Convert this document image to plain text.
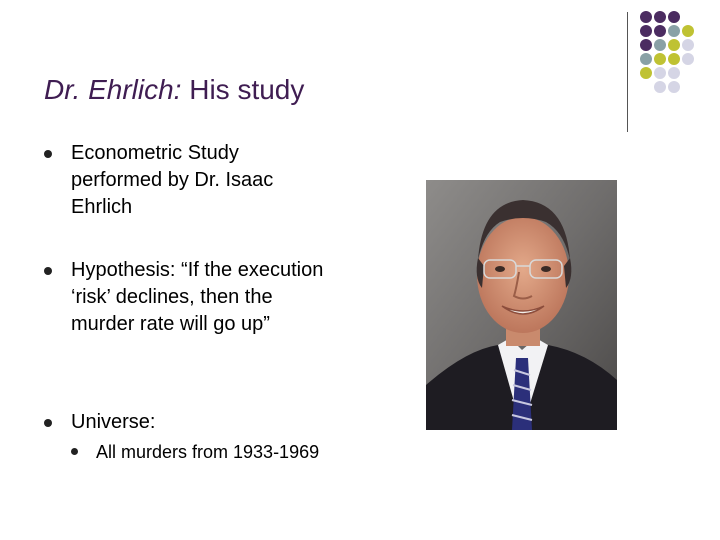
Dr. Ehrlich: His study
Econometric Study performed by Dr. Isaac Ehrlich
Hypothesis: “If the execution ‘risk’ declines, then the murder rate will go up”
Universe:
All murders from 1933-1969
